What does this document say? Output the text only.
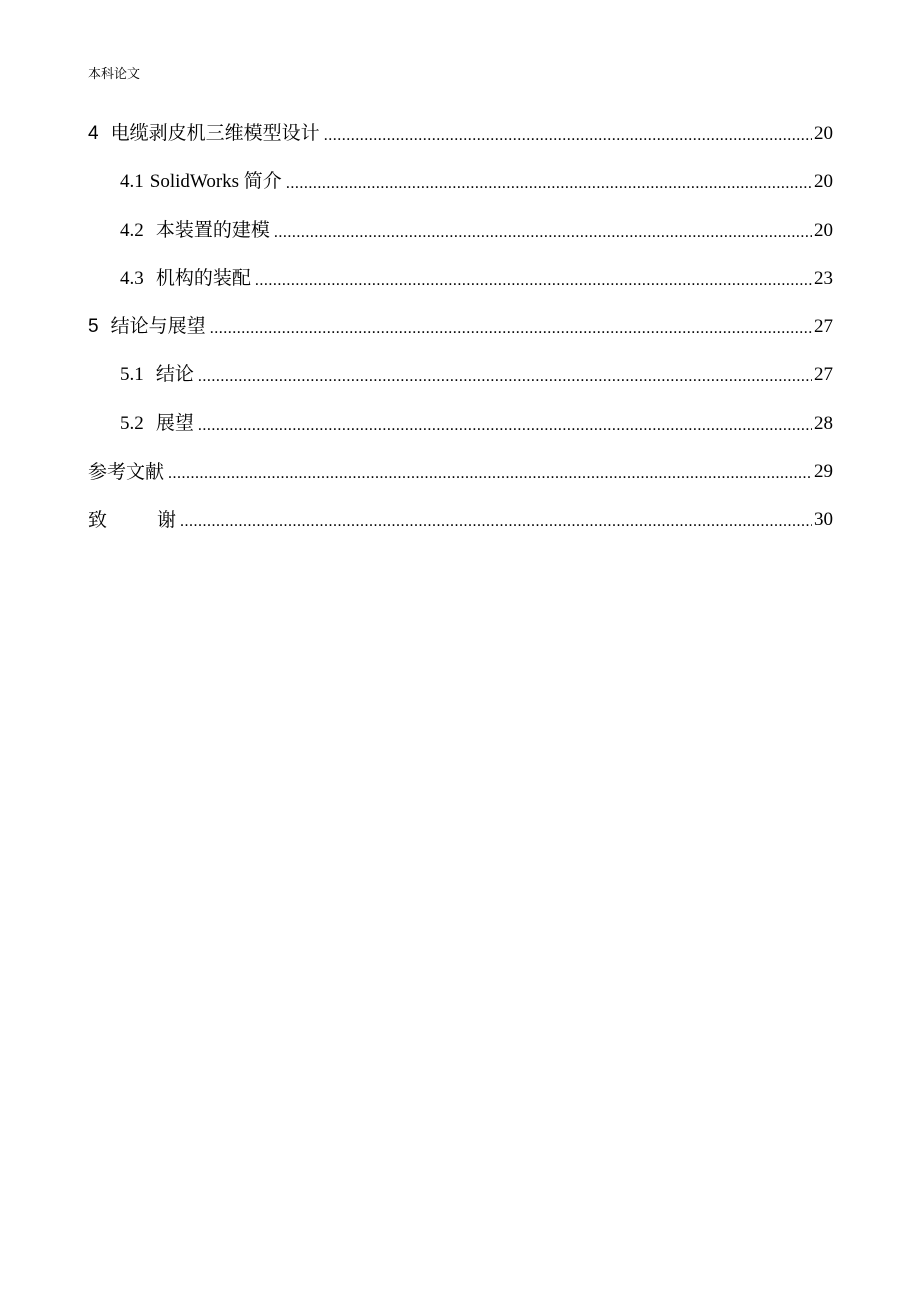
本科论文
4 电缆剥皮机三维模型设计 .....	20
4.1 SolidWorks 简介 .....	20
4.2 本装置的建模 .....	20
4.3 机构的装配 .....	23
5 结论与展望 .....	27
5.1 结论 .....	27
5.2 展望 .....	28
参考文献 .....	29
致 谢 .....	30
